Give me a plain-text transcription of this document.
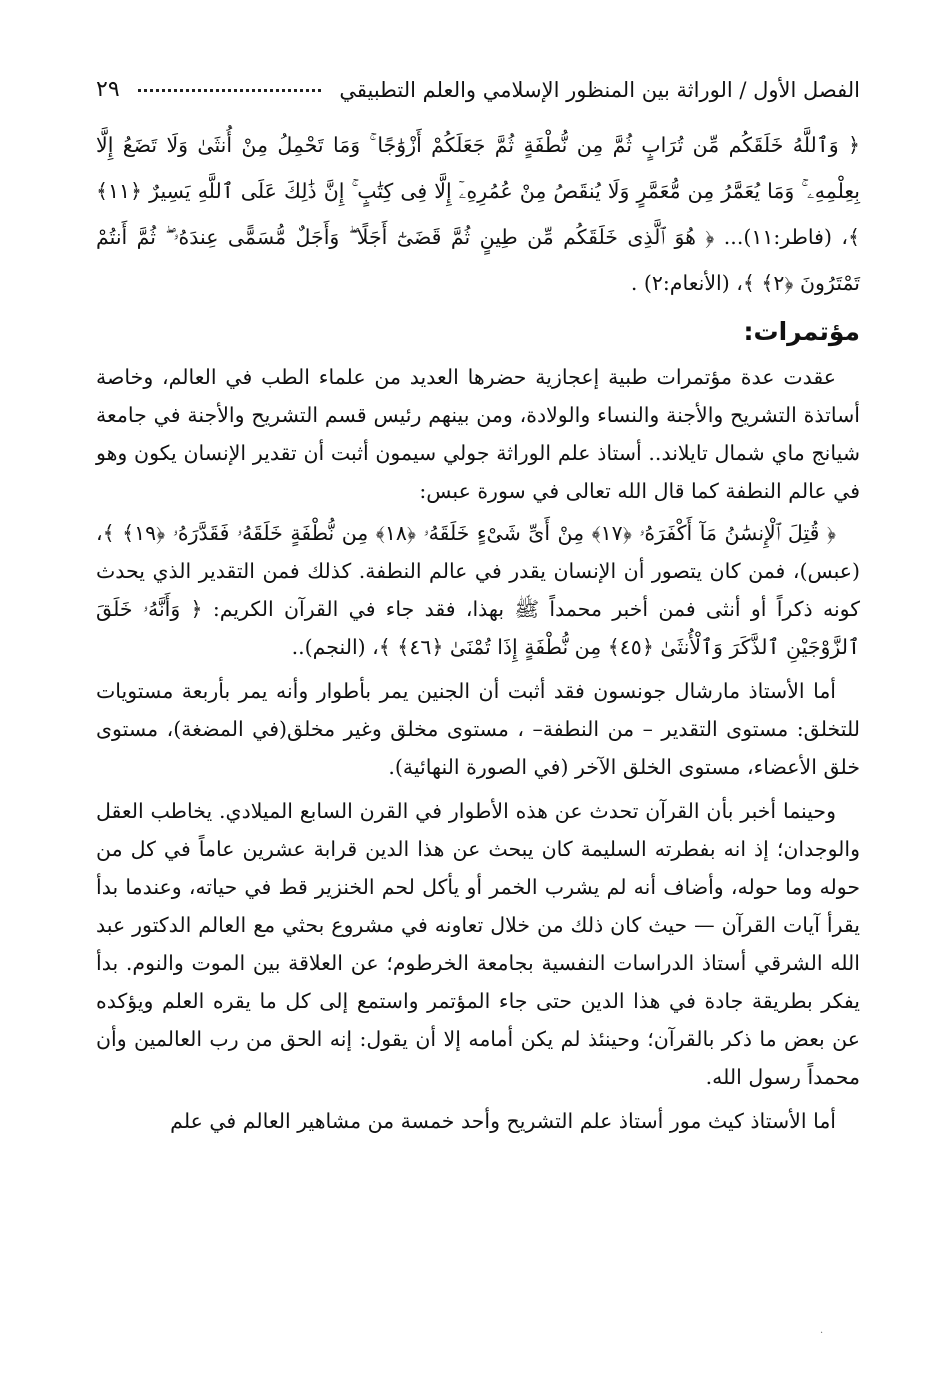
الفصل الأول / الوراثة بين المنظور الإسلامي والعلم التطبيقي
٢٩
﴿ وَٱللَّهُ خَلَقَكُم مِّن تُرَابٍ ثُمَّ مِن نُّطْفَةٍ ثُمَّ جَعَلَكُمْ أَزْوَٰجًا ۚ وَمَا تَحْمِلُ مِنْ أُنثَىٰ وَلَا تَضَعُ إِلَّا بِعِلْمِهِۦ ۚ وَمَا يُعَمَّرُ مِن مُّعَمَّرٍ وَلَا يُنقَصُ مِنْ عُمُرِهِۦٓ إِلَّا فِى كِتَٰبٍ ۚ إِنَّ ذَٰلِكَ عَلَى ٱللَّهِ يَسِيرٌ ﴿١١﴾ ﴾، (فاطر:١١)... ﴿ هُوَ ٱلَّذِى خَلَقَكُم مِّن طِينٍ ثُمَّ قَضَىٰٓ أَجَلًا ۖ وَأَجَلٌ مُّسَمًّى عِندَهُۥ ۖ ثُمَّ أَنتُمْ تَمْتَرُونَ ﴿٢﴾ ﴾، (الأنعام:٢) .
مؤتمرات:

عقدت عدة مؤتمرات طبية إعجازية حضرها العديد من علماء الطب في العالم، وخاصة أساتذة التشريح والأجنة والنساء والولادة، ومن بينهم رئيس قسم التشريح والأجنة في جامعة شيانج ماي شمال تايلاند.. أستاذ علم الوراثة جولي سيمون أثبت أن تقدير الإنسان يكون وهو في عالم النطفة كما قال الله تعالى في سورة عبس:

﴿ قُتِلَ ٱلْإِنسَٰنُ مَآ أَكْفَرَهُۥ ﴿١٧﴾ مِنْ أَىِّ شَىْءٍ خَلَقَهُۥ ﴿١٨﴾ مِن نُّطْفَةٍ خَلَقَهُۥ فَقَدَّرَهُۥ ﴿١٩﴾ ﴾، (عبس)، فمن كان يتصور أن الإنسان يقدر في عالم النطفة. كذلك فمن التقدير الذي يحدث كونه ذكراً أو أنثى فمن أخبر محمداً ﷺ بهذا، فقد جاء في القرآن الكريم: ﴿ وَأَنَّهُۥ خَلَقَ ٱلزَّوْجَيْنِ ٱلذَّكَرَ وَٱلْأُنثَىٰ ﴿٤٥﴾ مِن نُّطْفَةٍ إِذَا تُمْنَىٰ ﴿٤٦﴾ ﴾، (النجم)..

أما الأستاذ مارشال جونسون فقد أثبت أن الجنين يمر بأطوار وأنه يمر بأربعة مستويات للتخلق: مستوى التقدير – من النطفة– ، مستوى مخلق وغير مخلق(في المضغة)، مستوى خلق الأعضاء، مستوى الخلق الآخر (في الصورة النهائية).

وحينما أخبر بأن القرآن تحدث عن هذه الأطوار في القرن السابع الميلادي. يخاطب العقل والوجدان؛ إذ انه بفطرته السليمة كان يبحث عن هذا الدين قرابة عشرين عاماً في كل من حوله وما حوله، وأضاف أنه لم يشرب الخمر أو يأكل لحم الخنزير قط في حياته، وعندما بدأ يقرأ آيات القرآن — حيث كان ذلك من خلال تعاونه في مشروع بحثي مع العالم الدكتور عبد الله الشرقي أستاذ الدراسات النفسية بجامعة الخرطوم؛ عن العلاقة بين الموت والنوم. بدأ يفكر بطريقة جادة في هذا الدين حتى جاء المؤتمر واستمع إلى كل ما يقره العلم ويؤكده عن بعض ما ذكر بالقرآن؛ وحينئذ لم يكن أمامه إلا أن يقول: إنه الحق من رب العالمين وأن محمداً رسول الله.

أما الأستاذ كيث مور أستاذ علم التشريح وأحد خمسة من مشاهير العالم في علم

·
